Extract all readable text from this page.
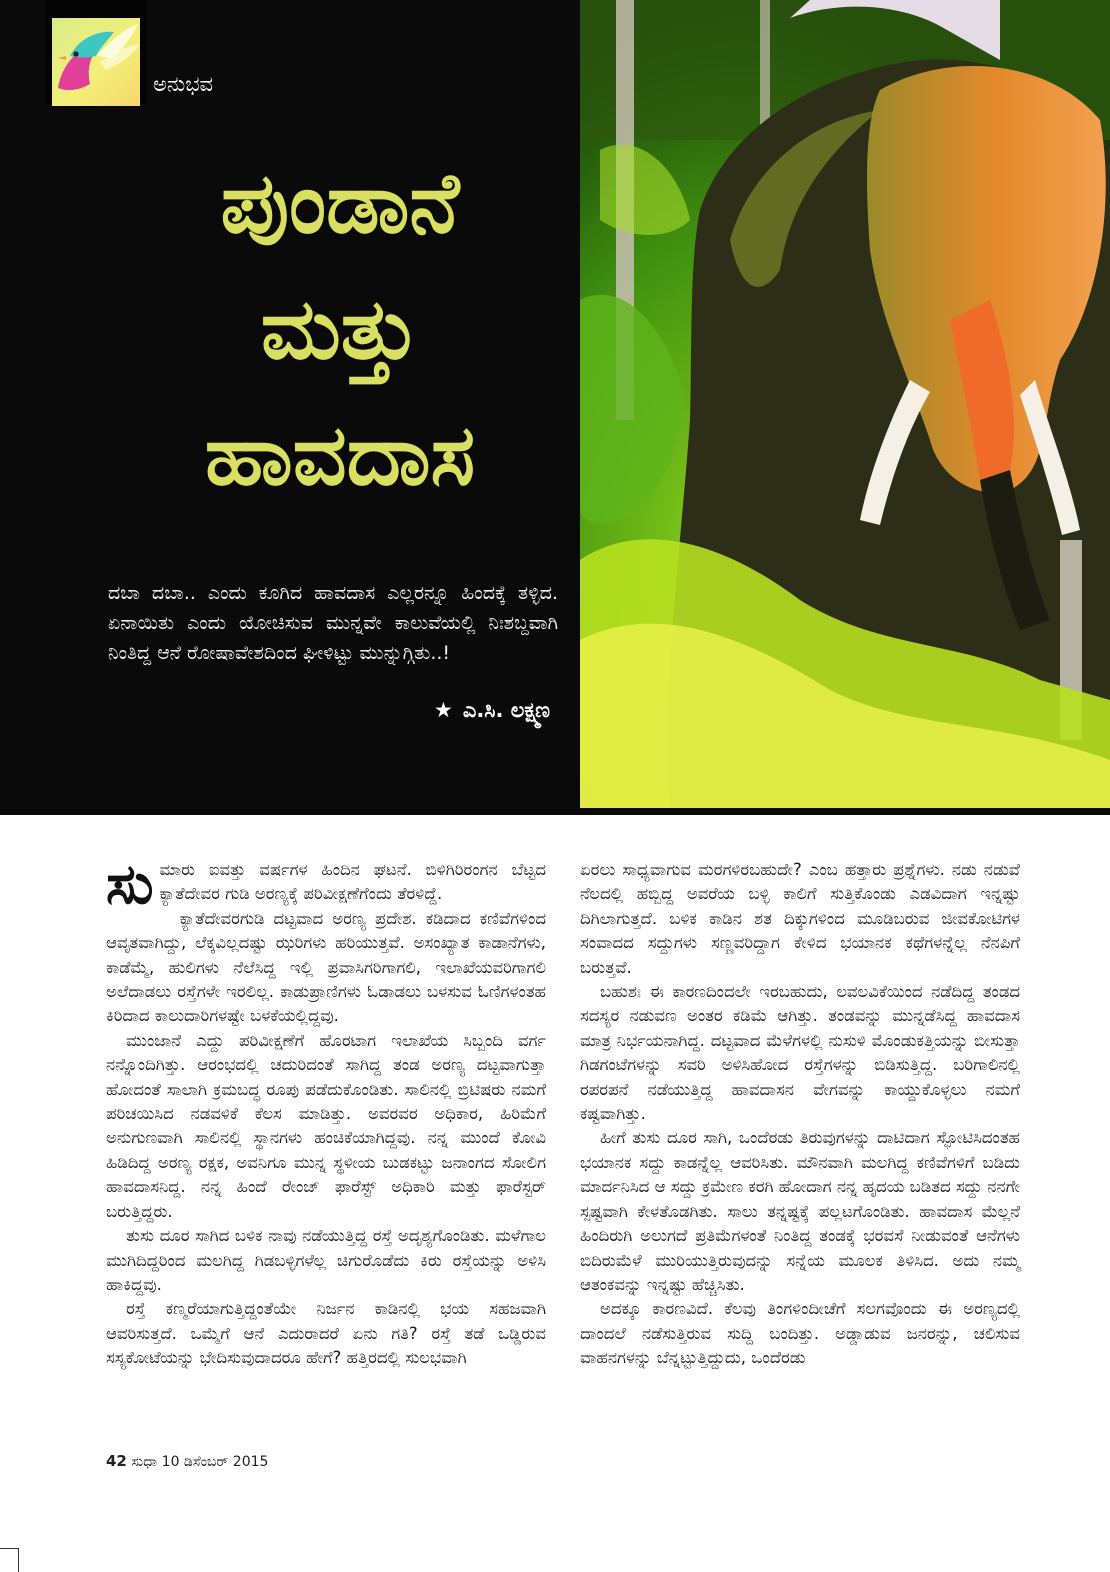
ಅನುಭವ
ಪುಂಡಾನೆ
ಮತ್ತು
ಹಾವದಾಸ

ದಬಾ ದಬಾ.. ಎಂದು ಕೂಗಿದ ಹಾವದಾಸ ಎಲ್ಲರನ್ನೂ ಹಿಂದಕ್ಕೆ ತಳ್ಳಿದ. ಏನಾಯಿತು ಎಂದು ಯೋಚಿಸುವ ಮುನ್ನವೇ ಕಾಲುವೆಯಲ್ಲಿ ನಿಃಶಬ್ದವಾಗಿ ನಿಂತಿದ್ದ ಆನೆ ರೋಷಾವೇಶದಿಂದ ಘೀಳಿಟ್ಟು ಮುನ್ನುಗ್ಗಿತು..!

★ ಎ.ಸಿ. ಲಕ್ಷ್ಮಣ

ಸುಮಾರು ಐವತ್ತು ವರ್ಷಗಳ ಹಿಂದಿನ ಘಟನೆ. ಬಿಳಿಗಿರಿರಂಗನ ಬೆಟ್ಟದ ಕ್ಯಾತೆದೇವರ ಗುಡಿ ಅರಣ್ಯಕ್ಕೆ ಪರಿವೀಕ್ಷಣೆಗೆಂದು ತೆರಳಿದ್ದೆ.

ಕ್ಯಾತೆದೇವರಗುಡಿ ದಟ್ಟವಾದ ಅರಣ್ಯ ಪ್ರದೇಶ. ಕಡಿದಾದ ಕಣಿವೆಗಳಿಂದ ಆವೃತವಾಗಿದ್ದು, ಲೆಕ್ಕವಿಲ್ಲದಷ್ಟು ಝರಿಗಳು ಹರಿಯುತ್ತವೆ. ಅಸಂಖ್ಯಾತ ಕಾಡಾನೆಗಳು, ಕಾಡೆಮ್ಮೆ, ಹುಲಿಗಳು ನೆಲೆಸಿದ್ದ ಇಲ್ಲಿ ಪ್ರವಾಸಿಗರಿಗಾಗಲಿ, ಇಲಾಖೆಯವರಿಗಾಗಲಿ ಅಲೆದಾಡಲು ರಸ್ತೆಗಳೇ ಇರಲಿಲ್ಲ. ಕಾಡುಪ್ರಾಣಿಗಳು ಓಡಾಡಲು ಬಳಸುವ ಓಣಿಗಳಂತಹ ಕಿರಿದಾದ ಕಾಲುದಾರಿಗಳಷ್ಟೇ ಬಳಕೆಯಲ್ಲಿದ್ದವು.

ಮುಂಜಾನೆ ಎದ್ದು ಪರಿವೀಕ್ಷಣೆಗೆ ಹೊರಟಾಗ ಇಲಾಖೆಯ ಸಿಬ್ಬಂದಿ ವರ್ಗ ನನ್ನೊಂದಿಗಿತ್ತು. ಆರಂಭದಲ್ಲಿ ಚದುರಿದಂತೆ ಸಾಗಿದ್ದ ತಂಡ ಅರಣ್ಯ ದಟ್ಟವಾಗುತ್ತಾ ಹೋದಂತೆ ಸಾಲಾಗಿ ಕ್ರಮಬದ್ಧ ರೂಪು ಪಡೆದುಕೊಂಡಿತು. ಸಾಲಿನಲ್ಲಿ ಬ್ರಿಟಿಷರು ನಮಗೆ ಪರಿಚಯಿಸಿದ ನಡವಳಿಕೆ ಕೆಲಸ ಮಾಡಿತ್ತು. ಅವರವರ ಅಧಿಕಾರ, ಹಿರಿಮೆಗೆ ಅನುಗುಣವಾಗಿ ಸಾಲಿನಲ್ಲಿ ಸ್ಥಾನಗಳು ಹಂಚಿಕೆಯಾಗಿದ್ದವು. ನನ್ನ ಮುಂದೆ ಕೋವಿ ಹಿಡಿದಿದ್ದ ಅರಣ್ಯ ರಕ್ಷಕ, ಅವನಿಗೂ ಮುನ್ನ ಸ್ಥಳೀಯ ಬುಡಕಟ್ಟು ಜನಾಂಗದ ಸೋಲಿಗ ಹಾವದಾಸನಿದ್ದ. ನನ್ನ ಹಿಂದೆ ರೇಂಜ್ ಫಾರೆಸ್ಟ್ ಅಧಿಕಾರಿ ಮತ್ತು ಫಾರೆಸ್ಟರ್ ಬರುತ್ತಿದ್ದರು.

ತುಸು ದೂರ ಸಾಗಿದ ಬಳಿಕ ನಾವು ನಡೆಯುತ್ತಿದ್ದ ರಸ್ತೆ ಅದೃಶ್ಯಗೊಂಡಿತು. ಮಳೆಗಾಲ ಮುಗಿದಿದ್ದರಿಂದ ಮಲಗಿದ್ದ ಗಿಡಬಳ್ಳಿಗಳೆಲ್ಲ ಚಿಗುರೊಡೆದು ಕಿರು ರಸ್ತೆಯನ್ನು ಅಳಿಸಿ ಹಾಕಿದ್ದವು.

ರಸ್ತೆ ಕಣ್ಮರೆಯಾಗುತ್ತಿದ್ದಂತೆಯೇ ನಿರ್ಜನ ಕಾಡಿನಲ್ಲಿ ಭಯ ಸಹಜವಾಗಿ ಆವರಿಸುತ್ತದೆ. ಒಮ್ಮೆಗೆ ಆನೆ ಎದುರಾದರೆ ಏನು ಗತಿ? ರಸ್ತೆ ತಡೆ ಒಡ್ಡಿರುವ ಸಸ್ಯಕೋಟೆಯನ್ನು ಭೇದಿಸುವುದಾದರೂ ಹೇಗೆ? ಹತ್ತಿರದಲ್ಲಿ ಸುಲಭವಾಗಿ

ಏರಲು ಸಾಧ್ಯವಾಗುವ ಮರಗಳಿರಬಹುದೇ? ಎಂಬ ಹತ್ತಾರು ಪ್ರಶ್ನೆಗಳು. ನಡು ನಡುವೆ ನೆಲದಲ್ಲಿ ಹಬ್ಬಿದ್ದ ಅವರೆಯ ಬಳ್ಳಿ ಕಾಲಿಗೆ ಸುತ್ತಿಕೊಂಡು ಎಡವಿದಾಗ ಇನ್ನಷ್ಟು ದಿಗಿಲಾಗುತ್ತದೆ. ಬಳಿಕ ಕಾಡಿನ ಶತ ದಿಕ್ಕುಗಳಿಂದ ಮೂಡಿಬರುವ ಜೀವಕೋಟಿಗಳ ಸಂವಾದದ ಸದ್ದುಗಳು ಸಣ್ಣವರಿದ್ದಾಗ ಕೇಳಿದ ಭಯಾನಕ ಕಥೆಗಳನ್ನೆಲ್ಲ ನೆನಪಿಗೆ ಬರುತ್ತವೆ.

ಬಹುಶಃ ಈ ಕಾರಣದಿಂದಲೇ ಇರಬಹುದು, ಲವಲವಿಕೆಯಿಂದ ನಡೆದಿದ್ದ ತಂಡದ ಸದಸ್ಯರ ನಡುವಣ ಅಂತರ ಕಡಿಮೆ ಆಗಿತ್ತು. ತಂಡವನ್ನು ಮುನ್ನಡೆಸಿದ್ದ ಹಾವದಾಸ ಮಾತ್ರ ನಿರ್ಭಯನಾಗಿದ್ದ. ದಟ್ಟವಾದ ಮೆಳೆಗಳಲ್ಲಿ ನುಸುಳಿ ಮೊಂಡುಕತ್ತಿಯನ್ನು ಬೀಸುತ್ತಾ ಗಿಡಗಂಟೆಗಳನ್ನು ಸವರಿ ಅಳಿಸಿಹೋದ ರಸ್ತೆಗಳನ್ನು ಬಿಡಿಸುತ್ತಿದ್ದ. ಬರಿಗಾಲಿನಲ್ಲಿ ರಪರಪನೆ ನಡೆಯುತ್ತಿದ್ದ ಹಾವದಾಸನ ವೇಗವನ್ನು ಕಾಯ್ದುಕೊಳ್ಳಲು ನಮಗೆ ಕಷ್ಟವಾಗಿತ್ತು.

ಹೀಗೆ ತುಸು ದೂರ ಸಾಗಿ, ಒಂದೆರಡು ತಿರುವುಗಳನ್ನು ದಾಟಿದಾಗ ಸ್ಫೋಟಿಸಿದಂತಹ ಭಯಾನಕ ಸದ್ದು ಕಾಡನ್ನೆಲ್ಲ ಆವರಿಸಿತು. ಮೌನವಾಗಿ ಮಲಗಿದ್ದ ಕಣಿವೆಗಳಿಗೆ ಬಡಿದು ಮಾರ್ದನಿಸಿದ ಆ ಸದ್ದು ಕ್ರಮೇಣ ಕರಗಿ ಹೋದಾಗ ನನ್ನ ಹೃದಯ ಬಡಿತದ ಸದ್ದು ನನಗೇ ಸ್ಪಷ್ಟವಾಗಿ ಕೇಳತೊಡಗಿತು. ಸಾಲು ತನ್ನಷ್ಟಕ್ಕೆ ಪಲ್ಲಟಗೊಂಡಿತು. ಹಾವದಾಸ ಮೆಲ್ಲನೆ ಹಿಂದಿರುಗಿ ಅಲುಗದೆ ಪ್ರತಿಮೆಗಳಂತೆ ನಿಂತಿದ್ದ ತಂಡಕ್ಕೆ ಭರವಸೆ ನೀಡುವಂತೆ ಆನೆಗಳು ಬಿದಿರುಮೆಳೆ ಮುರಿಯುತ್ತಿರುವುದನ್ನು ಸನ್ನೆಯ ಮೂಲಕ ತಿಳಿಸಿದ. ಅದು ನಮ್ಮ ಆತಂಕವನ್ನು ಇನ್ನಷ್ಟು ಹೆಚ್ಚಿಸಿತು.

ಅದಕ್ಕೂ ಕಾರಣವಿದೆ. ಕೆಲವು ತಿಂಗಳಿಂದೀಚೆಗೆ ಸಲಗವೊಂದು ಈ ಅರಣ್ಯದಲ್ಲಿ ದಾಂದಲೆ ನಡೆಸುತ್ತಿರುವ ಸುದ್ದಿ ಬಂದಿತ್ತು. ಅಡ್ಡಾಡುವ ಜನರನ್ನು, ಚಲಿಸುವ ವಾಹನಗಳನ್ನು ಬೆನ್ನಟ್ಟುತ್ತಿದ್ದುದು, ಒಂದೆರಡು

42 ಸುಧಾ 10 ಡಿಸೆಂಬರ್ 2015
